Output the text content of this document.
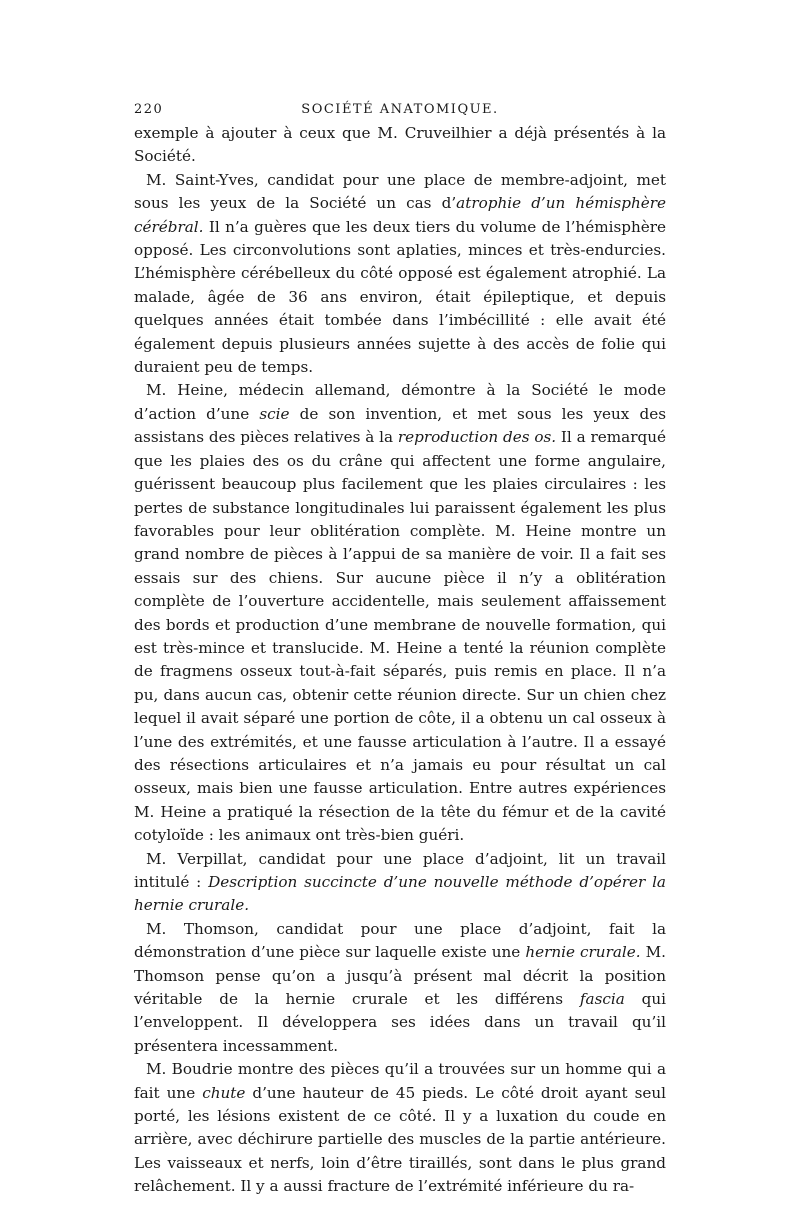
220	SOCIÉTÉ ANATOMIQUE.

exemple à ajouter à ceux que M. Cruveilhier a déjà présentés à la Société.

M. Saint-Yves, candidat pour une place de membre-adjoint, met sous les yeux de la Société un cas d’atrophie d’un hémisphère cérébral. Il n’a guères que les deux tiers du volume de l’hémisphère opposé. Les circonvolutions sont aplaties, minces et très-endurcies. L’hémisphère cérébelleux du côté opposé est également atrophié. La malade, âgée de 36 ans environ, était épileptique, et depuis quelques années était tombée dans l’imbécillité : elle avait été également depuis plusieurs années sujette à des accès de folie qui duraient peu de temps.

M. Heine, médecin allemand, démontre à la Société le mode d’action d’une scie de son invention, et met sous les yeux des assistans des pièces relatives à la reproduction des os. Il a remarqué que les plaies des os du crâne qui affectent une forme angulaire, guérissent beaucoup plus facilement que les plaies circulaires : les pertes de substance longitudinales lui paraissent également les plus favorables pour leur oblitération complète. M. Heine montre un grand nombre de pièces à l’appui de sa manière de voir. Il a fait ses essais sur des chiens. Sur aucune pièce il n’y a oblitération complète de l’ouverture accidentelle, mais seulement affaissement des bords et production d’une membrane de nouvelle formation, qui est très-mince et translucide. M. Heine a tenté la réunion complète de fragmens osseux tout-à-fait séparés, puis remis en place. Il n’a pu, dans aucun cas, obtenir cette réunion directe. Sur un chien chez lequel il avait séparé une portion de côte, il a obtenu un cal osseux à l’une des extrémités, et une fausse articulation à l’autre. Il a essayé des résections articulaires et n’a jamais eu pour résultat un cal osseux, mais bien une fausse articulation. Entre autres expériences M. Heine a pratiqué la résection de la tête du fémur et de la cavité cotyloïde : les animaux ont très-bien guéri.

M. Verpillat, candidat pour une place d’adjoint, lit un travail intitulé : Description succincte d’une nouvelle méthode d’opérer la hernie crurale.

M. Thomson, candidat pour une place d’adjoint, fait la démonstration d’une pièce sur laquelle existe une hernie crurale. M. Thomson pense qu’on a jusqu’à présent mal décrit la position véritable de la hernie crurale et les différens fascia qui l’enveloppent. Il développera ses idées dans un travail qu’il présentera incessamment.

M. Boudrie montre des pièces qu’il a trouvées sur un homme qui a fait une chute d’une hauteur de 45 pieds. Le côté droit ayant seul porté, les lésions existent de ce côté. Il y a luxation du coude en arrière, avec déchirure partielle des muscles de la partie antérieure. Les vaisseaux et nerfs, loin d’être tiraillés, sont dans le plus grand relâchement. Il y a aussi fracture de l’extrémité inférieure du ra-
